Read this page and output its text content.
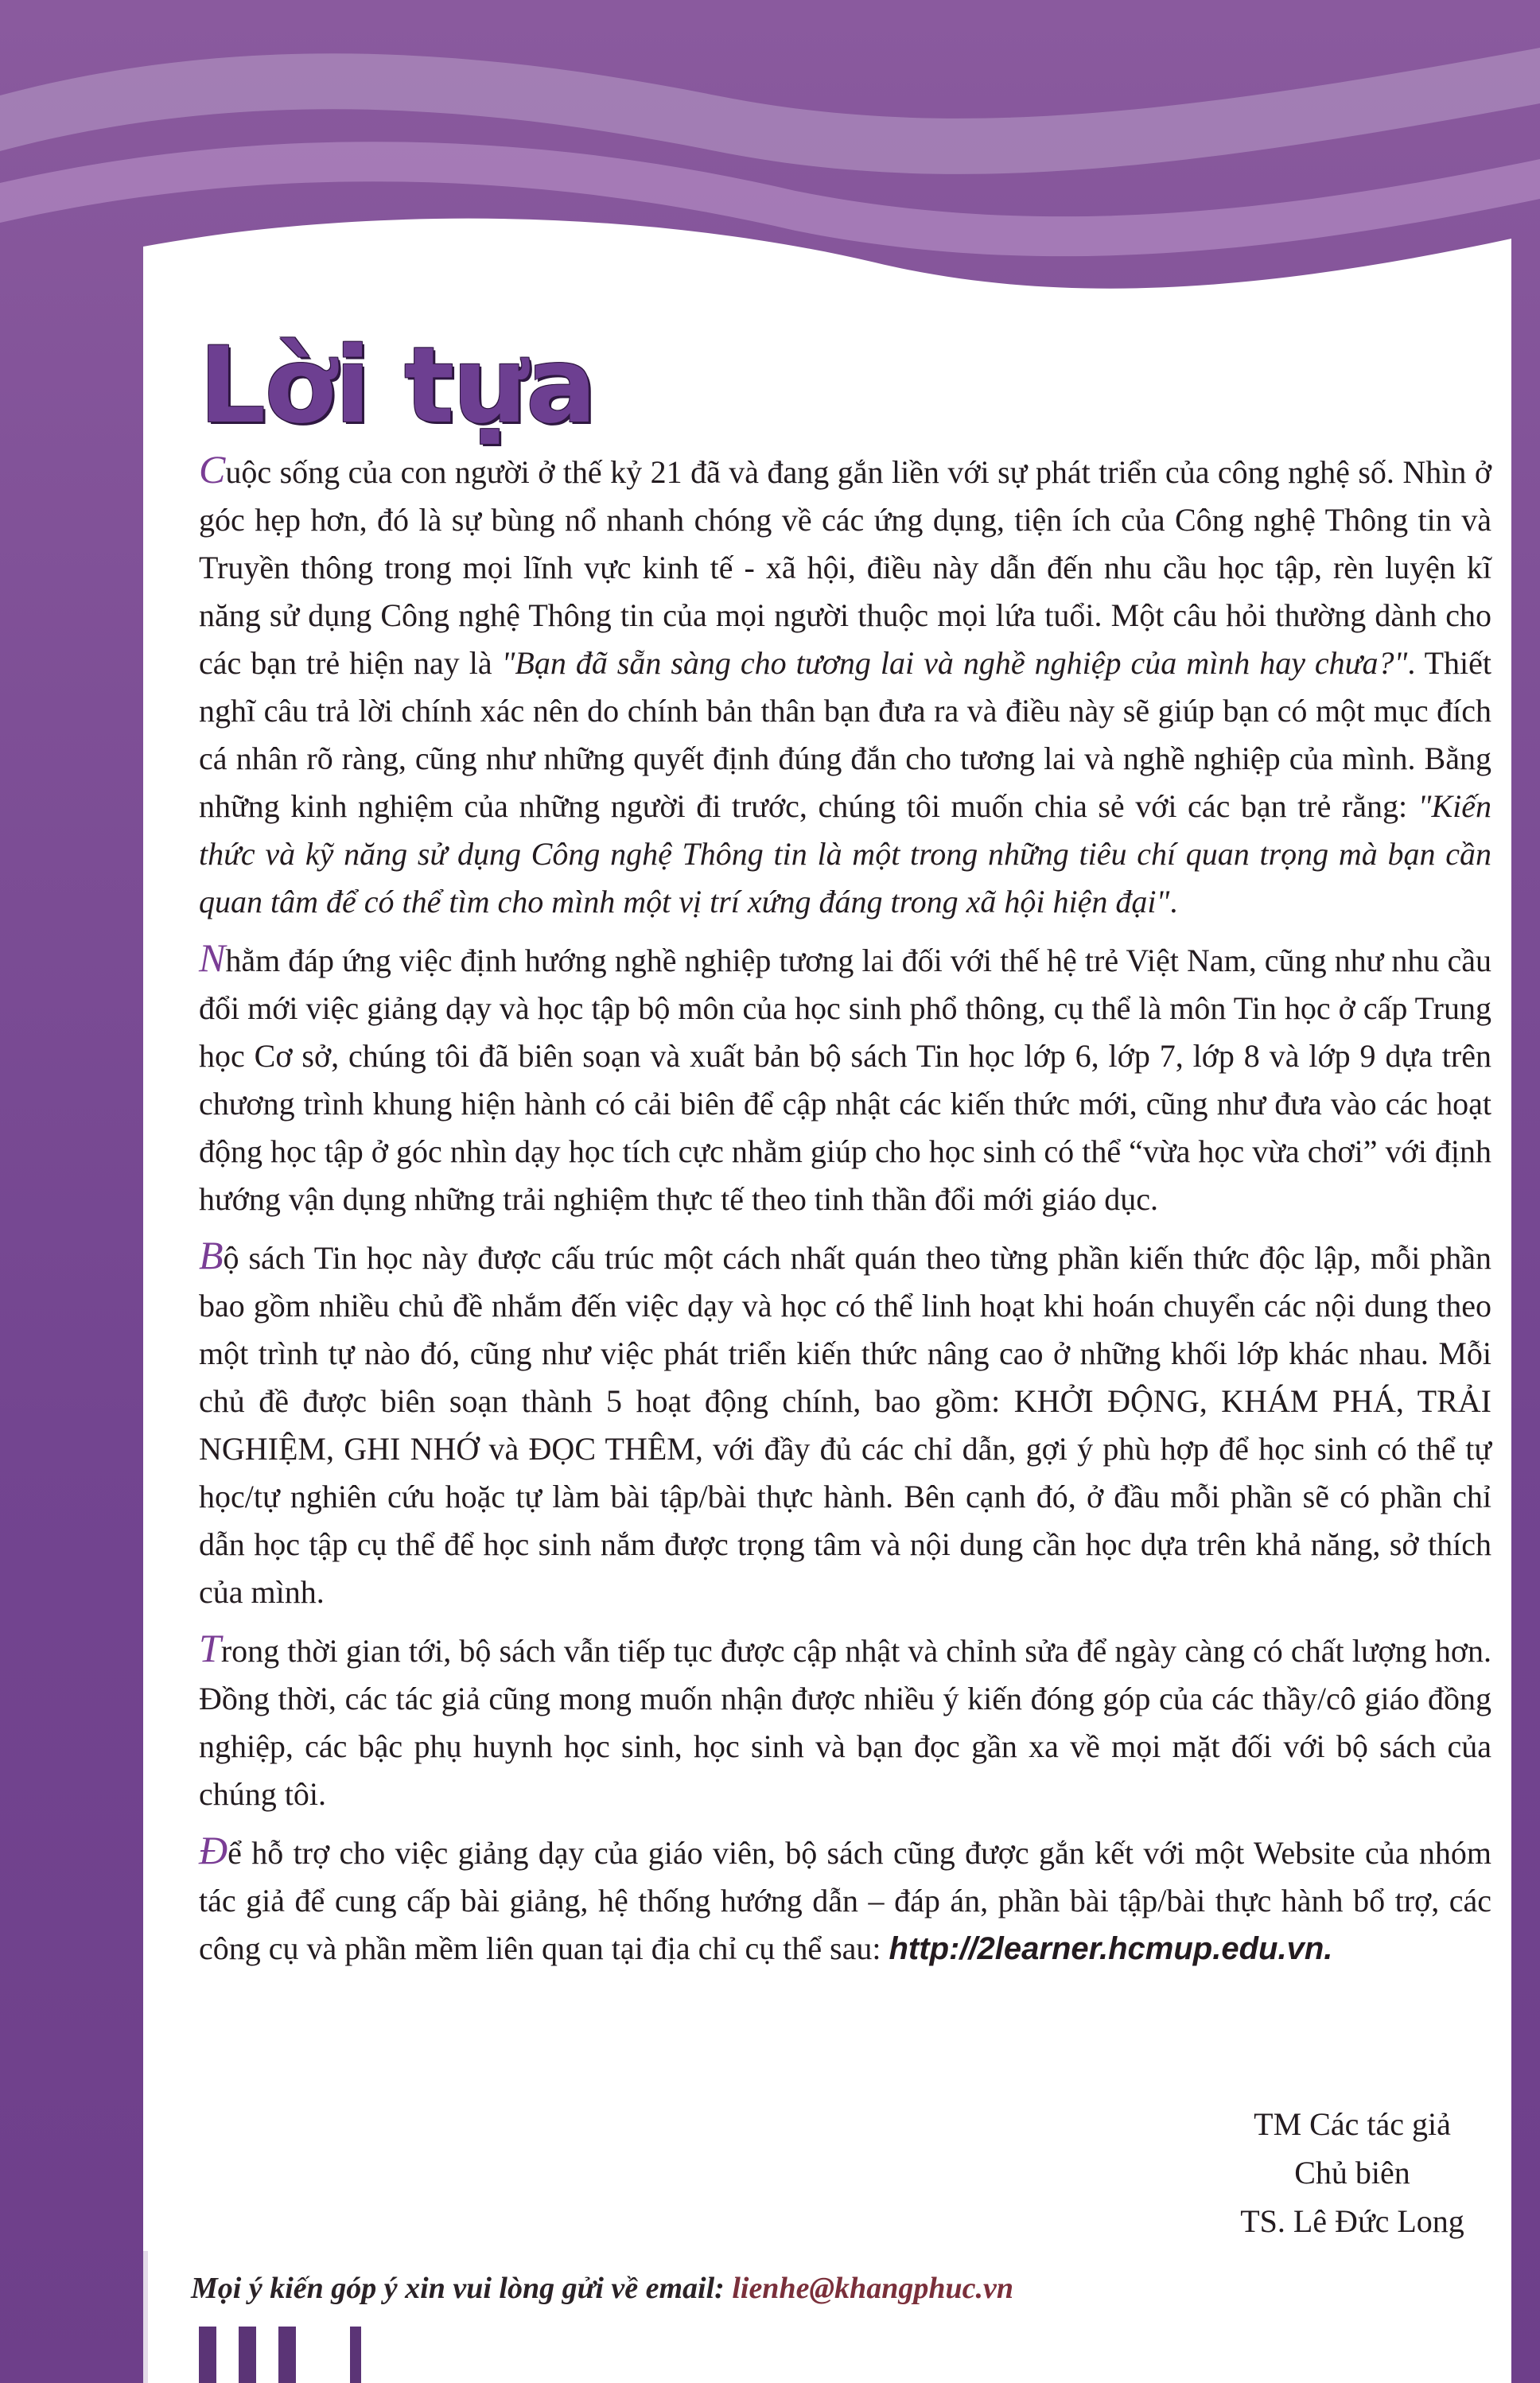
Lời tựa

Cuộc sống của con người ở thế kỷ 21 đã và đang gắn liền với sự phát triển của công nghệ số. Nhìn ở góc hẹp hơn, đó là sự bùng nổ nhanh chóng về các ứng dụng, tiện ích của Công nghệ Thông tin và Truyền thông trong mọi lĩnh vực kinh tế - xã hội, điều này dẫn đến nhu cầu học tập, rèn luyện kĩ năng sử dụng Công nghệ Thông tin của mọi người thuộc mọi lứa tuổi. Một câu hỏi thường dành cho các bạn trẻ hiện nay là "Bạn đã sẵn sàng cho tương lai và nghề nghiệp của mình hay chưa?". Thiết nghĩ câu trả lời chính xác nên do chính bản thân bạn đưa ra và điều này sẽ giúp bạn có một mục đích cá nhân rõ ràng, cũng như những quyết định đúng đắn cho tương lai và nghề nghiệp của mình. Bằng những kinh nghiệm của những người đi trước, chúng tôi muốn chia sẻ với các bạn trẻ rằng: "Kiến thức và kỹ năng sử dụng Công nghệ Thông tin là một trong những tiêu chí quan trọng mà bạn cần quan tâm để có thể tìm cho mình một vị trí xứng đáng trong xã hội hiện đại".

Nhằm đáp ứng việc định hướng nghề nghiệp tương lai đối với thế hệ trẻ Việt Nam, cũng như nhu cầu đổi mới việc giảng dạy và học tập bộ môn của học sinh phổ thông, cụ thể là môn Tin học ở cấp Trung học Cơ sở, chúng tôi đã biên soạn và xuất bản bộ sách Tin học lớp 6, lớp 7, lớp 8 và lớp 9 dựa trên chương trình khung hiện hành có cải biên để cập nhật các kiến thức mới, cũng như đưa vào các hoạt động học tập ở góc nhìn dạy học tích cực nhằm giúp cho học sinh có thể “vừa học vừa chơi” với định hướng vận dụng những trải nghiệm thực tế theo tinh thần đổi mới giáo dục.

Bộ sách Tin học này được cấu trúc một cách nhất quán theo từng phần kiến thức độc lập, mỗi phần bao gồm nhiều chủ đề nhắm đến việc dạy và học có thể linh hoạt khi hoán chuyển các nội dung theo một trình tự nào đó, cũng như việc phát triển kiến thức nâng cao ở những khối lớp khác nhau. Mỗi chủ đề được biên soạn thành 5 hoạt động chính, bao gồm: KHỞI ĐỘNG, KHÁM PHÁ, TRẢI NGHIỆM, GHI NHỚ và ĐỌC THÊM, với đầy đủ các chỉ dẫn, gợi ý phù hợp để học sinh có thể tự học/tự nghiên cứu hoặc tự làm bài tập/bài thực hành. Bên cạnh đó, ở đầu mỗi phần sẽ có phần chỉ dẫn học tập cụ thể để học sinh nắm được trọng tâm và nội dung cần học dựa trên khả năng, sở thích của mình.

Trong thời gian tới, bộ sách vẫn tiếp tục được cập nhật và chỉnh sửa để ngày càng có chất lượng hơn. Đồng thời, các tác giả cũng mong muốn nhận được nhiều ý kiến đóng góp của các thầy/cô giáo đồng nghiệp, các bậc phụ huynh học sinh, học sinh và bạn đọc gần xa về mọi mặt đối với bộ sách của chúng tôi.

Để hỗ trợ cho việc giảng dạy của giáo viên, bộ sách cũng được gắn kết với một Website của nhóm tác giả để cung cấp bài giảng, hệ thống hướng dẫn – đáp án, phần bài tập/bài thực hành bổ trợ, các công cụ và phần mềm liên quan tại địa chỉ cụ thể sau: http://2learner.hcmup.edu.vn.

TM Các tác giả
Chủ biên
TS. Lê Đức Long
Mọi ý kiến góp ý xin vui lòng gửi về email: lienhe@khangphuc.vn
